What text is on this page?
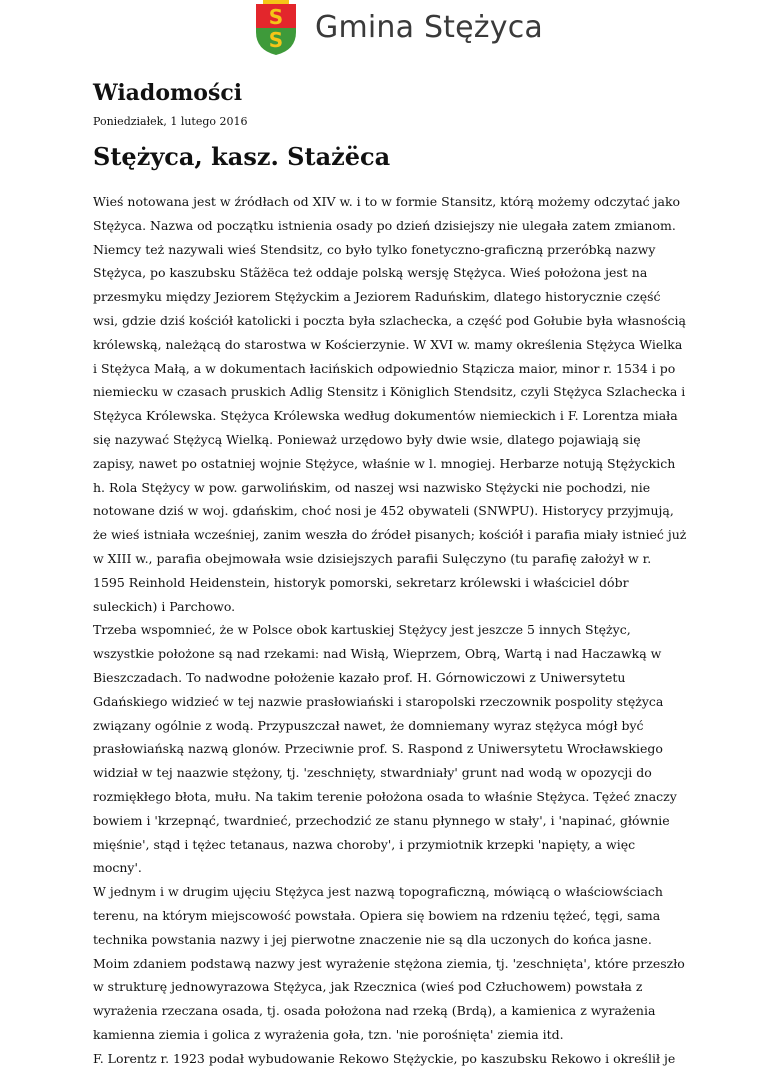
S
S Gmina Stężyca
Wiadomości
Poniedziałek, 1 lutego 2016
Stężyca, kasz. Stażëca
Wieś notowana jest w źródłach od XIV w. i to w formie Stansitz, którą możemy odczytać jako
Stężyca. Nazwa od początku istnienia osady po dzień dzisiejszy nie ulegała zatem zmianom.
Niemcy też nazywali wieś Stendsitz, co było tylko fonetyczno-graficzną przeróbką nazwy
Stężyca, po kaszubsku Stãżëca też oddaje polską wersję Stężyca. Wieś położona jest na
przesmyku między Jeziorem Stężyckim a Jeziorem Raduńskim, dlatego historycznie część
wsi, gdzie dziś kościół katolicki i poczta była szlachecka, a część pod Gołubie była własnością
królewską, należącą do starostwa w Kościerzynie. W XVI w. mamy określenia Stężyca Wielka
i Stężyca Małą, a w dokumentach łacińskich odpowiednio Stązicza maior, minor r. 1534 i po
niemiecku w czasach pruskich Adlig Stensitz i Königlich Stendsitz, czyli Stężyca Szlachecka i
Stężyca Królewska. Stężyca Królewska według dokumentów niemieckich i F. Lorentza miała
się nazywać Stężycą Wielką. Ponieważ urzędowo były dwie wsie, dlatego pojawiają się
zapisy, nawet po ostatniej wojnie Stężyce, właśnie w l. mnogiej. Herbarze notują Stężyckich
h. Rola Stężycy w pow. garwolińskim, od naszej wsi nazwisko Stężycki nie pochodzi, nie
notowane dziś w woj. gdańskim, choć nosi je 452 obywateli (SNWPU). Historycy przyjmują,
że wieś istniała wcześniej, zanim weszła do źródeł pisanych; kościół i parafia miały istnieć już
w XIII w., parafia obejmowała wsie dzisiejszych parafii Sulęczyno (tu parafię założył w r.
1595 Reinhold Heidenstein, historyk pomorski, sekretarz królewski i właściciel dóbr
suleckich) i Parchowo.
Trzeba wspomnieć, że w Polsce obok kartuskiej Stężycy jest jeszcze 5 innych Stężyc,
wszystkie położone są nad rzekami: nad Wisłą, Wieprzem, Obrą, Wartą i nad Haczawką w
Bieszczadach. To nadwodne położenie kazało prof. H. Górnowiczowi z Uniwersytetu
Gdańskiego widzieć w tej nazwie prasłowiański i staropolski rzeczownik pospolity stężyca
związany ogólnie z wodą. Przypuszczał nawet, że domniemany wyraz stężyca mógł być
prasłowiańską nazwą glonów. Przeciwnie prof. S. Raspond z Uniwersytetu Wrocławskiego
widział w tej naazwie stężony, tj. 'zeschnięty, stwardniały' grunt nad wodą w opozycji do
rozmiękłego błota, mułu. Na takim terenie położona osada to właśnie Stężyca. Tężeć znaczy
bowiem i 'krzepnąć, twardnieć, przechodzić ze stanu płynnego w stały', i 'napinać, głównie
mięśnie', stąd i tężec tetanaus, nazwa choroby', i przymiotnik krzepki 'napięty, a więc
mocny'.
W jednym i w drugim ujęciu Stężyca jest nazwą topograficzną, mówiącą o właściowściach
terenu, na którym miejscowość powstała. Opiera się bowiem na rdzeniu tężeć, tęgi, sama
technika powstania nazwy i jej pierwotne znaczenie nie są dla uczonych do końca jasne.
Moim zdaniem podstawą nazwy jest wyrażenie stężona ziemia, tj. 'zeschnięta', które przeszło
w strukturę jednowyrazowa Stężyca, jak Rzecznica (wieś pod Człuchowem) powstała z
wyrażenia rzeczana osada, tj. osada położona nad rzeką (Brdą), a kamienica z wyrażenia
kamienna ziemia i golica z wyrażenia goła, tzn. 'nie porośnięta' ziemia itd.
F. Lorentz r. 1923 podał wybudowanie Rekowo Stężyckie, po kaszubsku Rekowo i określił je
